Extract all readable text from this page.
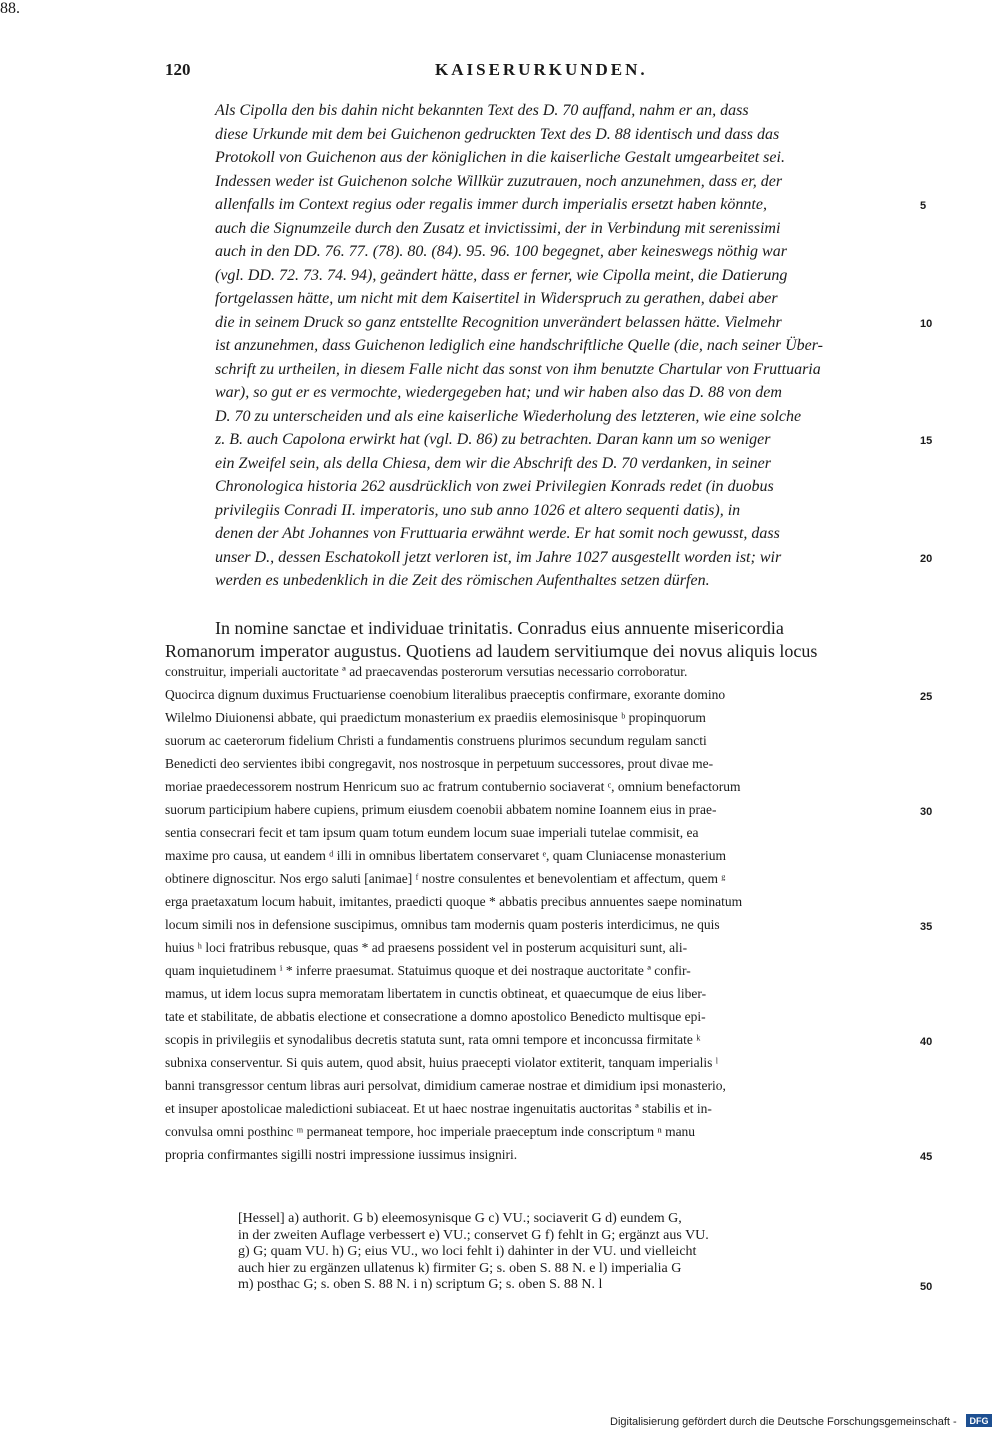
120	KAISERURKUNDEN.
Als Cipolla den bis dahin nicht bekannten Text des D. 70 auffand, nahm er an, dass
diese Urkunde mit dem bei Guichenon gedruckten Text des D. 88 identisch und dass das
Protokoll von Guichenon aus der königlichen in die kaiserliche Gestalt umgearbeitet sei.
Indessen weder ist Guichenon solche Willkür zuzutrauen, noch anzunehmen, dass er, der
allenfalls im Context regius oder regalis immer durch imperialis ersetzt haben könnte,	5
auch die Signumzeile durch den Zusatz et invictissimi, der in Verbindung mit serenissimi
auch in den DD. 76. 77. (78). 80. (84). 95. 96. 100 begegnet, aber keineswegs nöthig war
(vgl. DD. 72. 73. 74. 94), geändert hätte, dass er ferner, wie Cipolla meint, die Datierung
fortgelassen hätte, um nicht mit dem Kaisertitel in Widerspruch zu gerathen, dabei aber
die in seinem Druck so ganz entstellte Recognition unverändert belassen hätte. Vielmehr	10
ist anzunehmen, dass Guichenon lediglich eine handschriftliche Quelle (die, nach seiner Über-
schrift zu urtheilen, in diesem Falle nicht das sonst von ihm benutzte Chartular von Fruttuaria
war), so gut er es vermochte, wiedergegeben hat; und wir haben also das D. 88 von dem
D. 70 zu unterscheiden und als eine kaiserliche Wiederholung des letzteren, wie eine solche
z. B. auch Capolona erwirkt hat (vgl. D. 86) zu betrachten. Daran kann um so weniger	15
ein Zweifel sein, als della Chiesa, dem wir die Abschrift des D. 70 verdanken, in seiner
Chronologica historia 262 ausdrücklich von zwei Privilegien Konrads redet (in duobus
privilegiis Conradi II. imperatoris, uno sub anno 1026 et altero sequenti datis), in
denen der Abt Johannes von Fruttuaria erwähnt werde. Er hat somit noch gewusst, dass
unser D., dessen Eschatokoll jetzt verloren ist, im Jahre 1027 ausgestellt worden ist; wir	20
werden es unbedenklich in die Zeit des römischen Aufenthaltes setzen dürfen.
In nomine sanctae et individuae trinitatis. Conradus eius annuente misericordia
Romanorum imperator augustus. Quotiens ad laudem servitiumque dei novus aliquis locus
construitur, imperiali auctoritate ª ad praecavendas posterorum versutias necessario corroboratur.
Quocirca dignum duximus Fructuariense coenobium literalibus praeceptis confirmare, exorante domino	25
Wilelmo Diuionensi abbate, qui praedictum monasterium ex praediis elemosinisque ᵇ propinquorum
suorum ac caeterorum fidelium Christi a fundamentis construens plurimos secundum regulam sancti
Benedicti deo servientes ibibi congregavit, nos nostrosque in perpetuum successores, prout divae me-
moriae praedecessorem nostrum Henricum suo ac fratrum contubernio sociaverat ᶜ, omnium benefactorum
suorum participium habere cupiens, primum eiusdem coenobii abbatem nomine Ioannem eius in prae-	30
sentia consecrari fecit et tam ipsum quam totum eundem locum suae imperiali tutelae commisit, ea
maxime pro causa, ut eandem ᵈ illi in omnibus libertatem conservaret ᵉ, quam Cluniacense monasterium
obtinere dignoscitur. Nos ergo saluti [animae] ᶠ nostre consulentes et benevolentiam et affectum, quem ᵍ
erga praetaxatum locum habuit, imitantes, praedicti quoque * abbatis precibus annuentes saepe nominatum
locum simili nos in defensione suscipimus, omnibus tam modernis quam posteris interdicimus, ne quis	35
huius ʰ loci fratribus rebusque, quas * ad praesens possident vel in posterum acquisituri sunt, ali-
quam inquietudinem ⁱ * inferre praesumat. Statuimus quoque et dei nostraque auctoritate ª confir-
mamus, ut idem locus supra memoratam libertatem in cunctis obtineat, et quaecumque de eius liber-
tate et stabilitate, de abbatis electione et consecratione a domno apostolico Benedicto multisque epi-
scopis in privilegiis et synodalibus decretis statuta sunt, rata omni tempore et inconcussa firmitate ᵏ	40
subnixa conserventur. Si quis autem, quod absit, huius praecepti violator extiterit, tanquam imperialis ˡ
banni transgressor centum libras auri persolvat, dimidium camerae nostrae et dimidium ipsi monasterio,
et insuper apostolicae maledictioni subiaceat. Et ut haec nostrae ingenuitatis auctoritas ª stabilis et in-
convulsa omni posthinc ᵐ permaneat tempore, hoc imperiale praeceptum inde conscriptum ⁿ manu
propria confirmantes sigilli nostri impressione iussimus insigniri.	45
88.
[Hessel] a) authorit. G b) eleemosynisque G c) VU.; sociaverit G d) eundem G,
in der zweiten Auflage verbessert e) VU.; conservet G f) fehlt in G; ergänzt aus VU.
g) G; quam VU. h) G; eius VU., wo loci fehlt i) dahinter in der VU. und vielleicht
auch hier zu ergänzen ullatenus k) firmiter G; s. oben S. 88 N. e l) imperialia G
m) posthac G; s. oben S. 88 N. i n) scriptum G; s. oben S. 88 N. l	50
Digitalisierung gefördert durch die Deutsche Forschungsgemeinschaft -	DFG
